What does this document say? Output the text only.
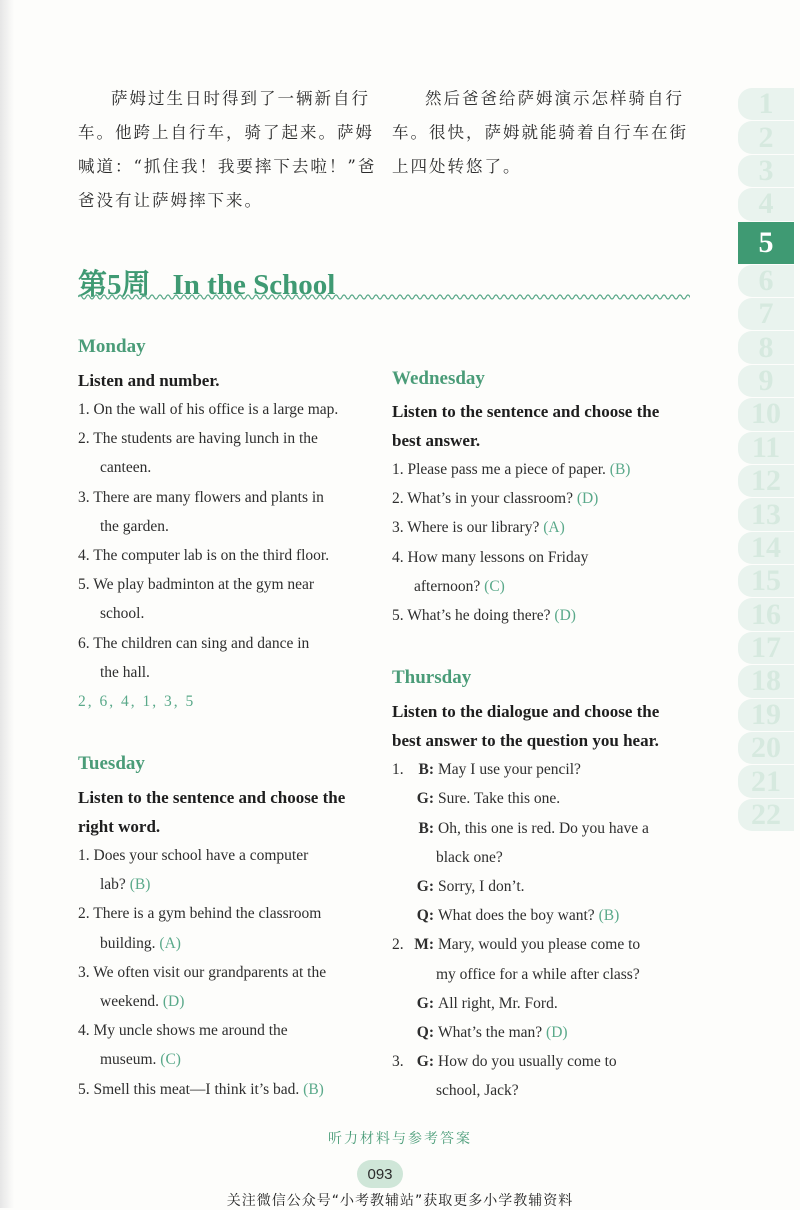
萨姆过生日时得到了一辆新自行车。他跨上自行车，骑了起来。萨姆喊道：“抓住我！我要摔下去啦！”爸爸没有让萨姆摔下来。

然后爸爸给萨姆演示怎样骑自行车。很快，萨姆就能骑着自行车在街上四处转悠了。

第5周 In the School
Monday
Listen and number.
1. On the wall of his office is a large map.
2. The students are having lunch in the
canteen.
3. There are many flowers and plants in
the garden.
4. The computer lab is on the third floor.
5. We play badminton at the gym near
school.
6. The children can sing and dance in
the hall.
2, 6, 4, 1, 3, 5
Tuesday
Listen to the sentence and choose the
right word.
1. Does your school have a computer
lab? (B)
2. There is a gym behind the classroom
building. (A)
3. We often visit our grandparents at the
weekend. (D)
4. My uncle shows me around the
museum. (C)
5. Smell this meat—I think it’s bad. (B)
Wednesday
Listen to the sentence and choose the
best answer.
1. Please pass me a piece of paper. (B)
2. What’s in your classroom? (D)
3. Where is our library? (A)
4. How many lessons on Friday
afternoon? (C)
5. What’s he doing there? (D)
Thursday
Listen to the dialogue and choose the
best answer to the question you hear.
1. B: May I use your pencil?
G: Sure. Take this one.
B: Oh, this one is red. Do you have a
black one?
G: Sorry, I don’t.
Q: What does the boy want? (B)
2. M: Mary, would you please come to
my office for a while after class?
G: All right, Mr. Ford.
Q: What’s the man? (D)
3. G: How do you usually come to
school, Jack?
1
2
3
4
5
6
7
8
9
10
11
12
13
14
15
16
17
18
19
20
21
22
听力材料与参考答案
093
关注微信公众号“小考教辅站”获取更多小学教辅资料
